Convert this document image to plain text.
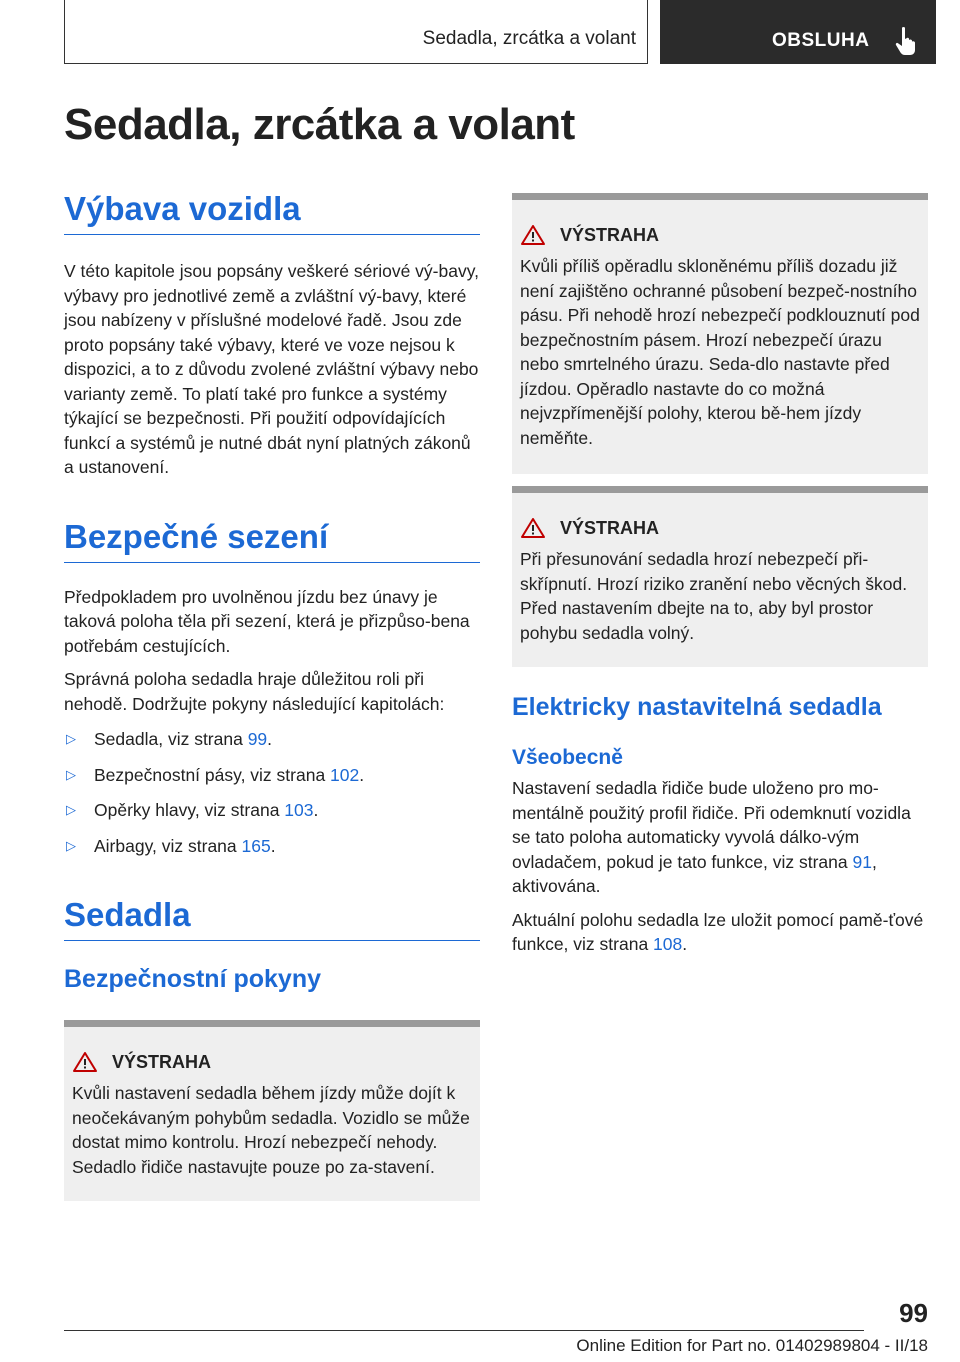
Sedadla, zrcátka a volant	OBSLUHA
Sedadla, zrcátka a volant
Výbava vozidla

V této kapitole jsou popsány veškeré sériové vý-bavy, výbavy pro jednotlivé země a zvláštní vý-bavy, které jsou nabízeny v příslušné modelové řadě. Jsou zde proto popsány také výbavy, které ve voze nejsou k dispozici, a to z důvodu zvolené zvláštní výbavy nebo varianty země. To platí také pro funkce a systémy týkající se bezpečnosti. Při použití odpovídajících funkcí a systémů je nutné dbát nyní platných zákonů a ustanovení.

Bezpečné sezení

Předpokladem pro uvolněnou jízdu bez únavy je taková poloha těla při sezení, která je přizpůso-bena potřebám cestujících.

Správná poloha sedadla hraje důležitou roli při nehodě. Dodržujte pokyny následující kapitolách:

▷	Sedadla, viz strana 99.
▷	Bezpečnostní pásy, viz strana 102.
▷	Opěrky hlavy, viz strana 103.
▷	Airbagy, viz strana 165.
Sedadla
Bezpečnostní pokyny
VÝSTRAHA

Kvůli nastavení sedadla během jízdy může dojít k neočekávaným pohybům sedadla. Vozidlo se může dostat mimo kontrolu. Hrozí nebezpečí nehody. Sedadlo řidiče nastavujte pouze po za-stavení.

VÝSTRAHA

Kvůli příliš opěradlu skloněnému příliš dozadu již není zajištěno ochranné působení bezpeč-nostního pásu. Při nehodě hrozí nebezpečí podklouznutí pod bezpečnostním pásem. Hrozí nebezpečí úrazu nebo smrtelného úrazu. Seda-dlo nastavte před jízdou. Opěradlo nastavte do co možná nejvzpřímenější polohy, kterou bě-hem jízdy neměňte.

VÝSTRAHA

Při přesunování sedadla hrozí nebezpečí při-skřípnutí. Hrozí riziko zranění nebo věcných škod. Před nastavením dbejte na to, aby byl prostor pohybu sedadla volný.

Elektricky nastavitelná sedadla
Všeobecně

Nastavení sedadla řidiče bude uloženo pro mo-mentálně použitý profil řidiče. Při odemknutí vozidla se tato poloha automaticky vyvolá dálko-vým ovladačem, pokud je tato funkce, viz strana 91, aktivována.

Aktuální polohu sedadla lze uložit pomocí pamě-ťové funkce, viz strana 108.

99
Online Edition for Part no. 01402989804 - II/18
